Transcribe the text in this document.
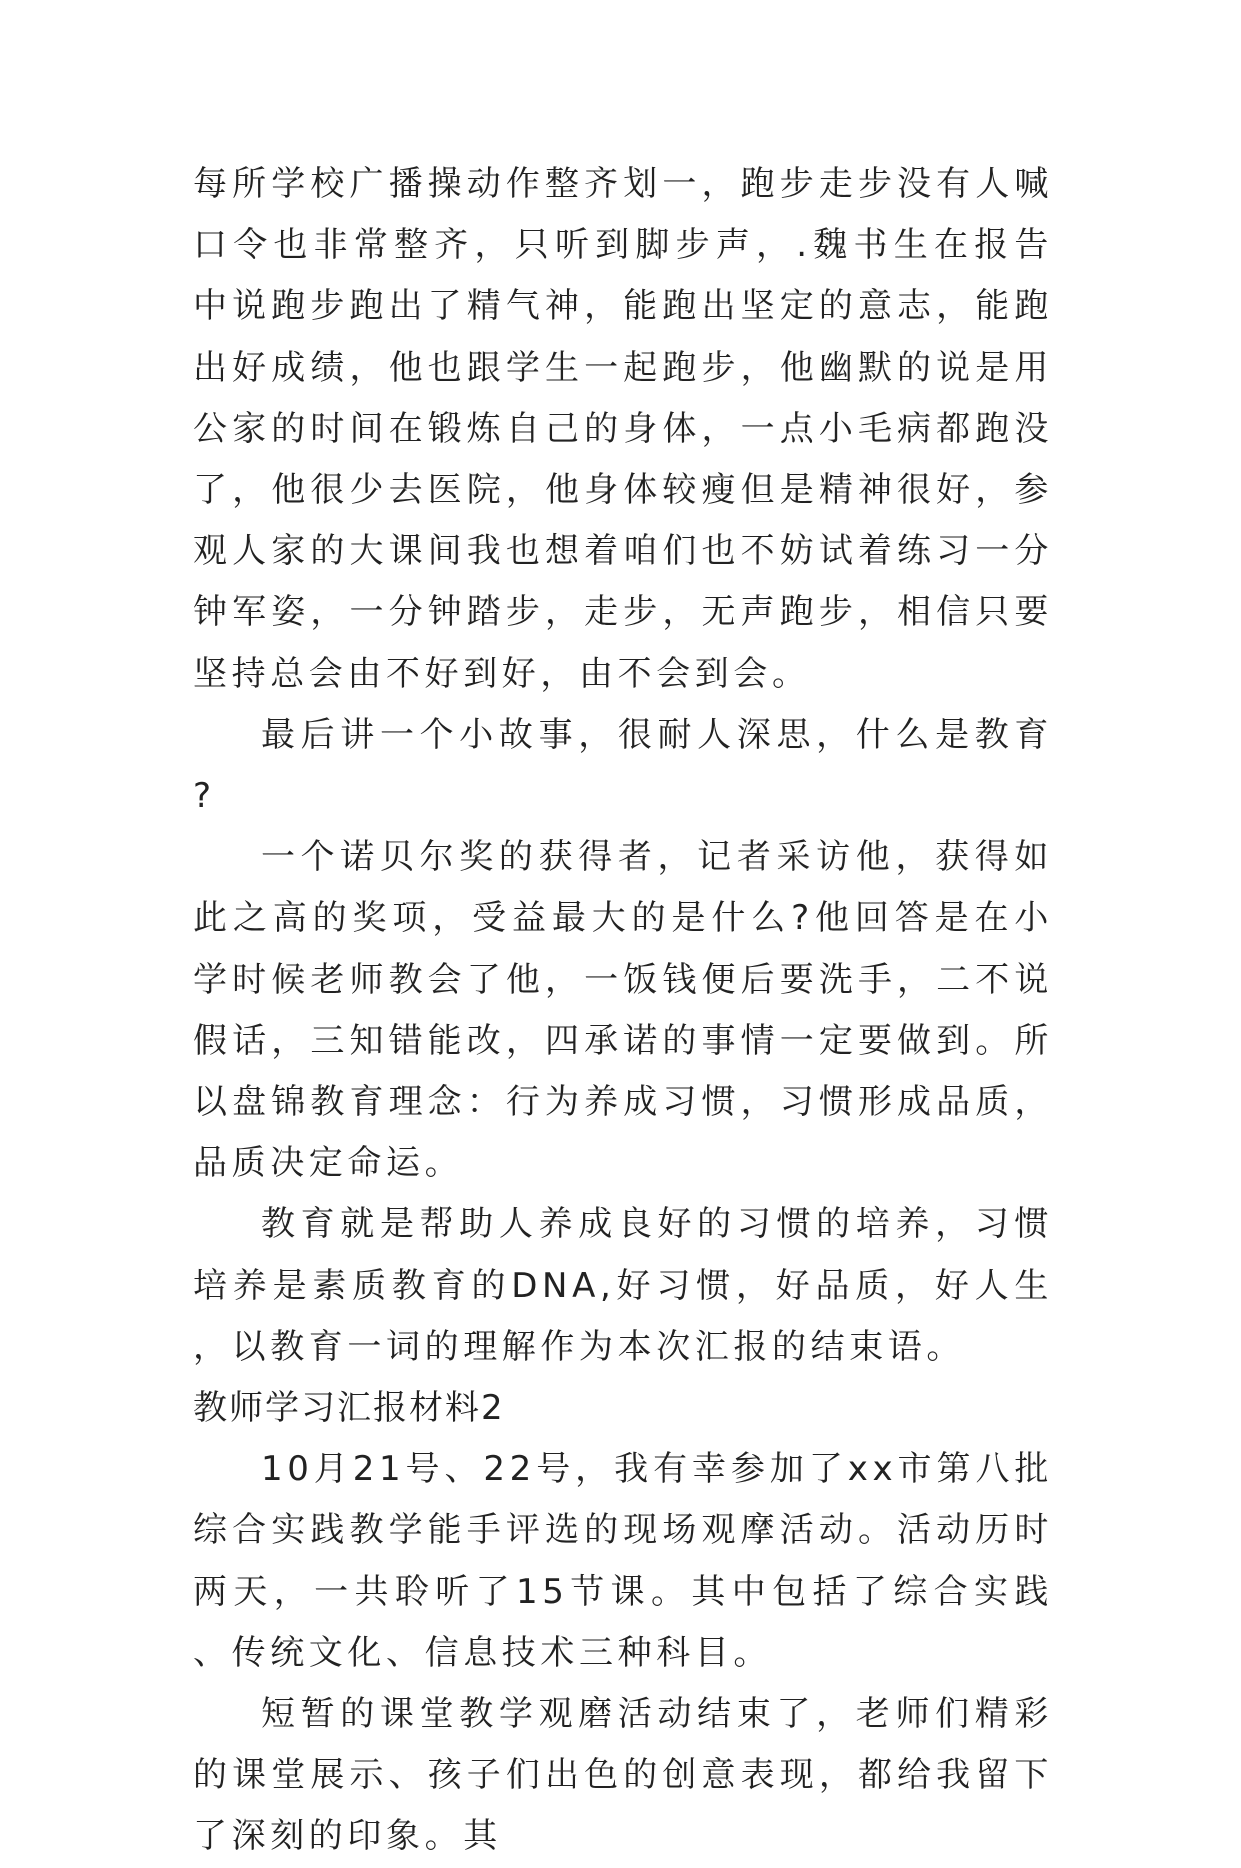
每所学校广播操动作整齐划一，跑步走步没有人喊口令也非常整齐，只听到脚步声，.魏书生在报告中说跑步跑出了精气神，能跑出坚定的意志，能跑出好成绩，他也跟学生一起跑步，他幽默的说是用公家的时间在锻炼自己的身体，一点小毛病都跑没了，他很少去医院，他身体较瘦但是精神很好，参观人家的大课间我也想着咱们也不妨试着练习一分钟军姿，一分钟踏步，走步，无声跑步，相信只要坚持总会由不好到好，由不会到会。

最后讲一个小故事，很耐人深思，什么是教育?

一个诺贝尔奖的获得者，记者采访他，获得如此之高的奖项，受益最大的是什么?他回答是在小学时候老师教会了他，一饭钱便后要洗手，二不说假话，三知错能改，四承诺的事情一定要做到。所以盘锦教育理念：行为养成习惯，习惯形成品质，品质决定命运。

教育就是帮助人养成良好的习惯的培养，习惯培养是素质教育的DNA,好习惯，好品质，好人生，以教育一词的理解作为本次汇报的结束语。

教师学习汇报材料2

10月21号、22号，我有幸参加了xx市第八批综合实践教学能手评选的现场观摩活动。活动历时两天，一共聆听了15节课。其中包括了综合实践、传统文化、信息技术三种科目。

短暂的课堂教学观磨活动结束了，老师们精彩的课堂展示、孩子们出色的创意表现，都给我留下了深刻的印象。其
